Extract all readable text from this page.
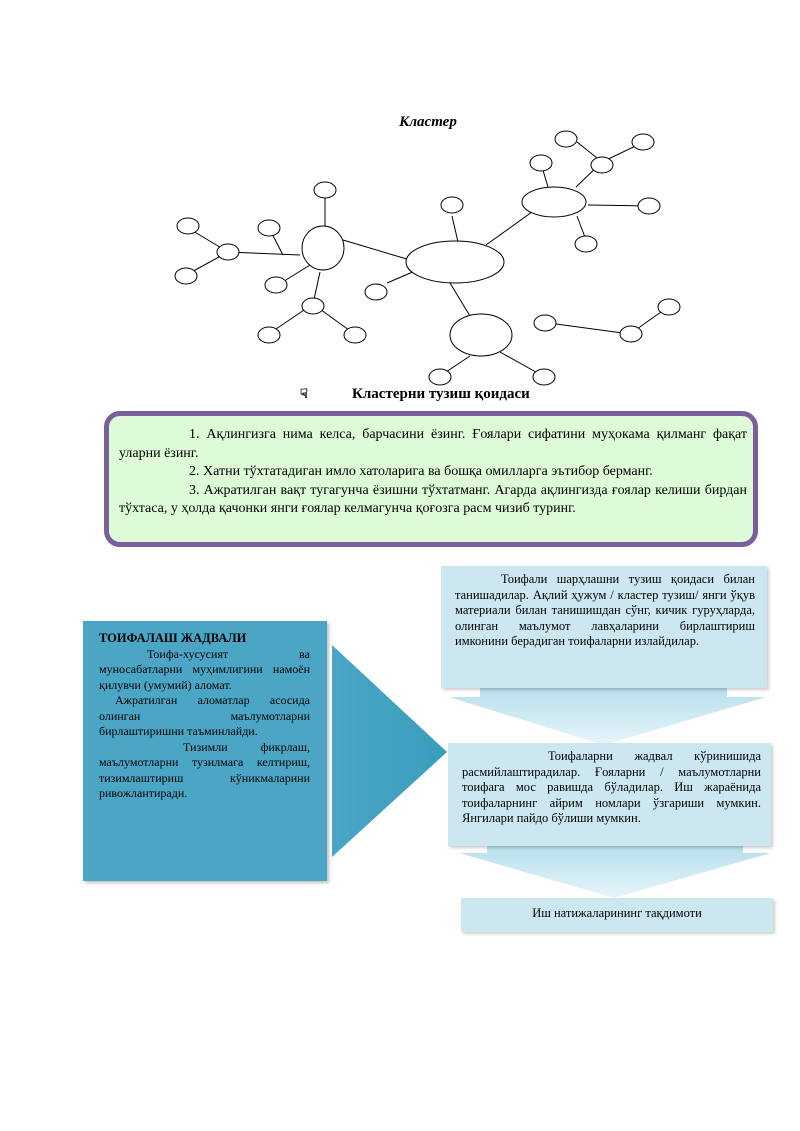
Кластер
☟	Кластерни тузиш қоидаси

1. Ақлингизга нима келса, барчасини ёзинг. Ғоялари сифатини муҳокама қилманг фақат уларни ёзинг.

2. Хатни тўхтатадиган имло хатоларига ва бошқа омилларга эътибор берманг.

3. Ажратилган вақт тугагунча ёзишни тўхтатманг. Агарда ақлингизда ғоялар келиши бирдан тўхтаса, у ҳолда қачонки янги ғоялар келмагунча қоғозга расм чизиб туринг.

ТОИФАЛАШ ЖАДВАЛИ

Тоифа-хусусият ва муносабатларни муҳимлигини намоён қилувчи (умумий) аломат.

Ажратилган аломатлар асосида олинган маълумотларни бирлаштиришни таъминлайди.

Тизимли фикрлаш, маълумотларни тузилмага келтириш, тизимлаштириш кўникмаларини ривожлантиради.

Тоифали шарҳлашни тузиш қоидаси билан танишадилар. Ақлий ҳужум / кластер тузиш/ янги ўқув материали билан танишишдан сўнг, кичик гуруҳларда, олинган маълумот лавҳаларини бирлаштириш имконини берадиган тоифаларни излайдилар.

Тоифаларни жадвал кўринишида расмийлаштирадилар. Ғояларни / маълумотларни тоифага мос равишда бўладилар. Иш жараёнида тоифаларнинг айрим номлари ўзгариши мумкин. Янгилари пайдо бўлиши мумкин.

Иш натижаларининг тақдимоти
